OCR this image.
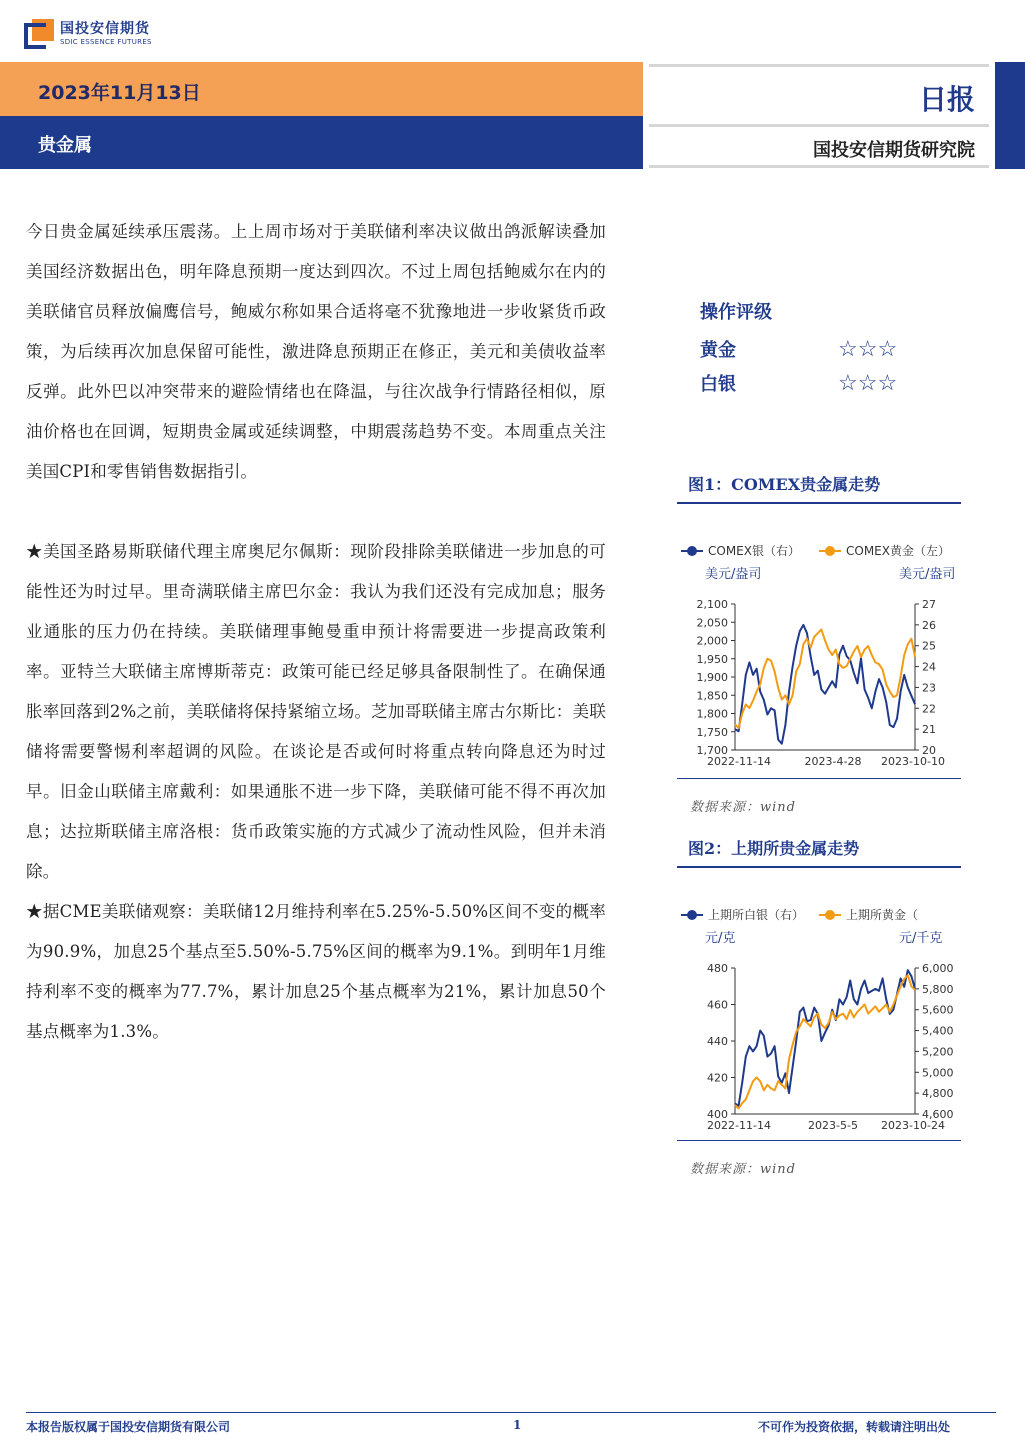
国投安信期货
SDIC ESSENCE FUTURES
2023年11月13日
贵金属
日报
国投安信期货研究院

今日贵金属延续承压震荡。上上周市场对于美联储利率决议做出鸽派解读叠加美国经济数据出色，明年降息预期一度达到四次。不过上周包括鲍威尔在内的美联储官员释放偏鹰信号，鲍威尔称如果合适将毫不犹豫地进一步收紧货币政策，为后续再次加息保留可能性，激进降息预期正在修正，美元和美债收益率反弹。此外巴以冲突带来的避险情绪也在降温，与往次战争行情路径相似，原油价格也在回调，短期贵金属或延续调整，中期震荡趋势不变。本周重点关注美国CPI和零售销售数据指引。

★美国圣路易斯联储代理主席奥尼尔佩斯：现阶段排除美联储进一步加息的可能性还为时过早。里奇满联储主席巴尔金：我认为我们还没有完成加息；服务业通胀的压力仍在持续。美联储理事鲍曼重申预计将需要进一步提高政策利率。亚特兰大联储主席博斯蒂克：政策可能已经足够具备限制性了。在确保通胀率回落到2%之前，美联储将保持紧缩立场。芝加哥联储主席古尔斯比：美联储将需要警惕利率超调的风险。在谈论是否或何时将重点转向降息还为时过早。旧金山联储主席戴利：如果通胀不进一步下降，美联储可能不得不再次加息；达拉斯联储主席洛根：货币政策实施的方式减少了流动性风险，但并未消除。

★据CME美联储观察：美联储12月维持利率在5.25%-5.50%区间不变的概率为90.9%，加息25个基点至5.50%-5.75%区间的概率为9.1%。到明年1月维持利率不变的概率为77.7%，累计加息25个基点概率为21%，累计加息50个基点概率为1.3%。

操作评级
黄金	☆☆☆
白银	☆☆☆
图1：COMEX贵金属走势
COMEX银（右）	COMEX黄金（左）
美元/盎司	美元/盎司
1,700
1,750
1,800
1,850
1,900
1,950
2,000
2,050
2,100
20
21
22
23
24
25
26
27
2022-11-14	2023-4-28 2023-10-10
数据来源：wind
图2：上期所贵金属走势
上期所白银（右）	上期所黄金（
元/克	元/千克
400
420
440
460
480
4,600
4,800
5,000
5,200
5,400
5,600
5,800
6,000
2022-11-14	2023-5-5 2023-10-24
数据来源：wind
本报告版权属于国投安信期货有限公司	1	不可作为投资依据，转载请注明出处
